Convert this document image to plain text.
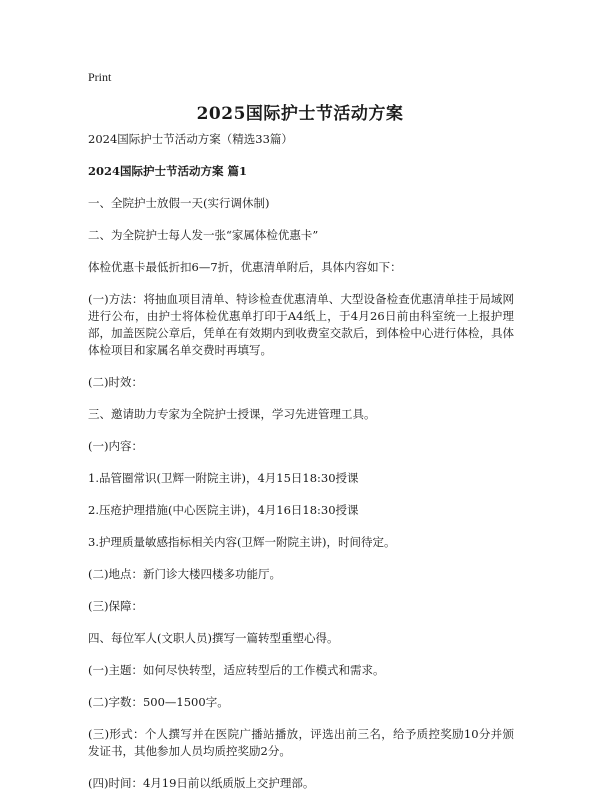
Print
2025国际护士节活动方案

2024国际护士节活动方案（精选33篇）

2024国际护士节活动方案 篇1

一、全院护士放假一天(实行调休制)

二、为全院护士每人发一张“家属体检优惠卡”

体检优惠卡最低折扣6—7折，优惠清单附后，具体内容如下：

(一)方法：将抽血项目清单、特诊检查优惠清单、大型设备检查优惠清单挂于局域网进行公布，由护士将体检优惠单打印于A4纸上，于4月26日前由科室统一上报护理部，加盖医院公章后，凭单在有效期内到收费室交款后，到体检中心进行体检，具体体检项目和家属名单交费时再填写。

(二)时效：

三、邀请助力专家为全院护士授课，学习先进管理工具。

(一)内容：

1.品管圈常识(卫辉一附院主讲)，4月15日18:30授课

2.压疮护理措施(中心医院主讲)，4月16日18:30授课

3.护理质量敏感指标相关内容(卫辉一附院主讲)，时间待定。

(二)地点：新门诊大楼四楼多功能厅。

(三)保障：

四、每位军人(文职人员)撰写一篇转型重塑心得。

(一)主题：如何尽快转型，适应转型后的工作模式和需求。

(二)字数：500—1500字。

(三)形式：个人撰写并在医院广播站播放，评选出前三名，给予质控奖励10分并颁发证书，其他参加人员均质控奖励2分。

(四)时间：4月19日前以纸质版上交护理部。
